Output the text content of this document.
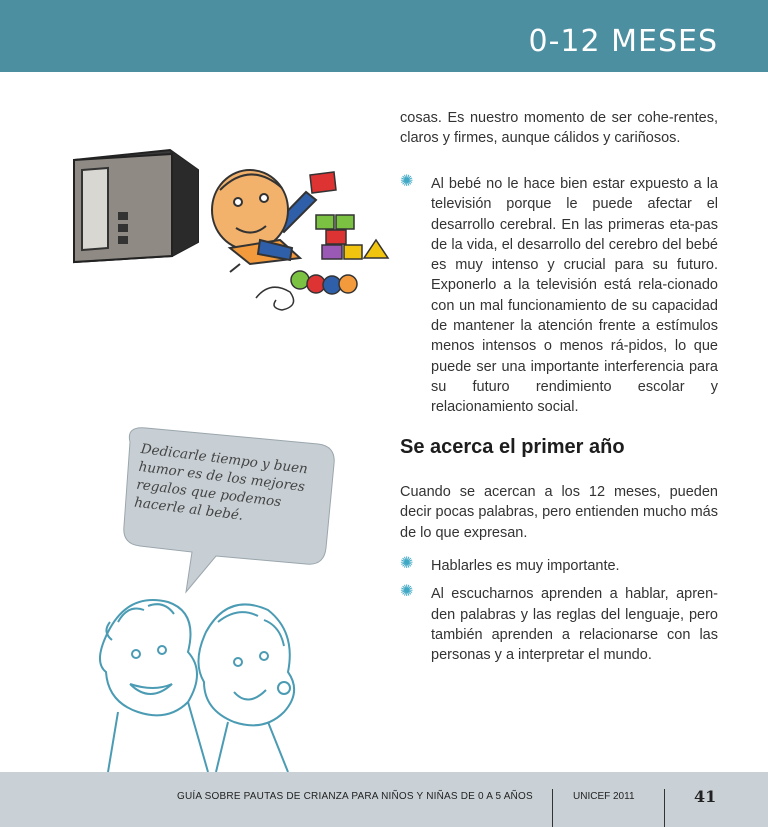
0-12 MESES
cosas. Es nuestro momento de ser cohe-rentes, claros y firmes, aunque cálidos y cariñosos.
✺ Al bebé no le hace bien estar expuesto a la televisión porque le puede afectar el desarrollo cerebral. En las primeras eta-pas de la vida, el desarrollo del cerebro del bebé es muy intenso y crucial para su futuro. Exponerlo a la televisión está rela-cionado con un mal funcionamiento de su capacidad de mantener la atención frente a estímulos menos intensos o menos rá-pidos, lo que puede ser una importante interferencia para su futuro rendimiento escolar y relacionamiento social.
Se acerca el primer año
Cuando se acercan a los 12 meses, pueden decir pocas palabras, pero entienden mucho más de lo que expresan.
✺ Hablarles es muy importante.
✺ Al escucharnos aprenden a hablar, apren-den palabras y las reglas del lenguaje, pero también aprenden a relacionarse con las personas y a interpretar el mundo.
Dedicarle tiempo y buen humor es de los mejores regalos que podemos hacerle al bebé.
GUÍA SOBRE PAUTAS DE CRIANZA PARA NIÑOS Y NIÑAS DE 0 A 5 AÑOS	UNICEF 2011	41
